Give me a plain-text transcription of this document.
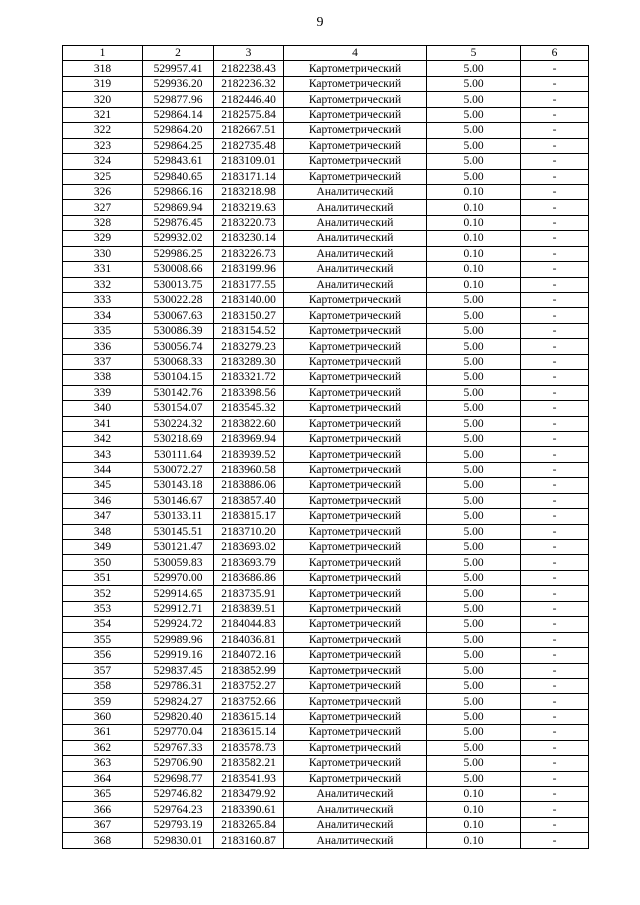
9
1	2	3	4	5	6
318	529957.41	2182238.43	Картометрический	5.00	-
319	529936.20	2182236.32	Картометрический	5.00	-
320	529877.96	2182446.40	Картометрический	5.00	-
321	529864.14	2182575.84	Картометрический	5.00	-
322	529864.20	2182667.51	Картометрический	5.00	-
323	529864.25	2182735.48	Картометрический	5.00	-
324	529843.61	2183109.01	Картометрический	5.00	-
325	529840.65	2183171.14	Картометрический	5.00	-
326	529866.16	2183218.98	Аналитический	0.10	-
327	529869.94	2183219.63	Аналитический	0.10	-
328	529876.45	2183220.73	Аналитический	0.10	-
329	529932.02	2183230.14	Аналитический	0.10	-
330	529986.25	2183226.73	Аналитический	0.10	-
331	530008.66	2183199.96	Аналитический	0.10	-
332	530013.75	2183177.55	Аналитический	0.10	-
333	530022.28	2183140.00	Картометрический	5.00	-
334	530067.63	2183150.27	Картометрический	5.00	-
335	530086.39	2183154.52	Картометрический	5.00	-
336	530056.74	2183279.23	Картометрический	5.00	-
337	530068.33	2183289.30	Картометрический	5.00	-
338	530104.15	2183321.72	Картометрический	5.00	-
339	530142.76	2183398.56	Картометрический	5.00	-
340	530154.07	2183545.32	Картометрический	5.00	-
341	530224.32	2183822.60	Картометрический	5.00	-
342	530218.69	2183969.94	Картометрический	5.00	-
343	530111.64	2183939.52	Картометрический	5.00	-
344	530072.27	2183960.58	Картометрический	5.00	-
345	530143.18	2183886.06	Картометрический	5.00	-
346	530146.67	2183857.40	Картометрический	5.00	-
347	530133.11	2183815.17	Картометрический	5.00	-
348	530145.51	2183710.20	Картометрический	5.00	-
349	530121.47	2183693.02	Картометрический	5.00	-
350	530059.83	2183693.79	Картометрический	5.00	-
351	529970.00	2183686.86	Картометрический	5.00	-
352	529914.65	2183735.91	Картометрический	5.00	-
353	529912.71	2183839.51	Картометрический	5.00	-
354	529924.72	2184044.83	Картометрический	5.00	-
355	529989.96	2184036.81	Картометрический	5.00	-
356	529919.16	2184072.16	Картометрический	5.00	-
357	529837.45	2183852.99	Картометрический	5.00	-
358	529786.31	2183752.27	Картометрический	5.00	-
359	529824.27	2183752.66	Картометрический	5.00	-
360	529820.40	2183615.14	Картометрический	5.00	-
361	529770.04	2183615.14	Картометрический	5.00	-
362	529767.33	2183578.73	Картометрический	5.00	-
363	529706.90	2183582.21	Картометрический	5.00	-
364	529698.77	2183541.93	Картометрический	5.00	-
365	529746.82	2183479.92	Аналитический	0.10	-
366	529764.23	2183390.61	Аналитический	0.10	-
367	529793.19	2183265.84	Аналитический	0.10	-
368	529830.01	2183160.87	Аналитический	0.10	-
